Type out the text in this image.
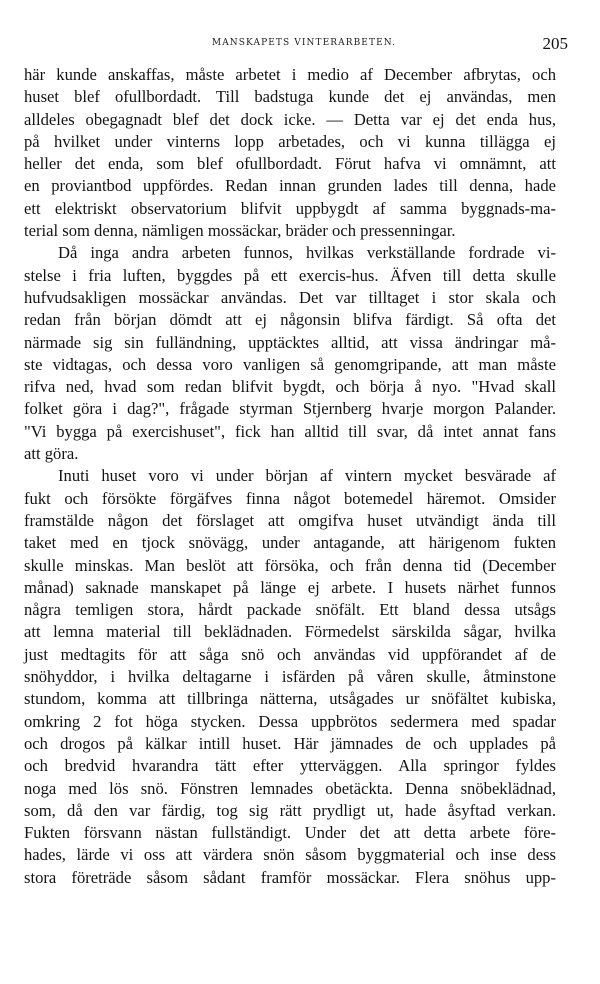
MANSKAPETS VINTERARBETEN.	205
här kunde anskaffas, måste arbetet i medio af December afbrytas, och
huset blef ofullbordadt. Till badstuga kunde det ej användas, men
alldeles obegagnadt blef det dock icke. — Detta var ej det enda hus,
på hvilket under vinterns lopp arbetades, och vi kunna tillägga ej
heller det enda, som blef ofullbordadt. Förut hafva vi omnämnt, att
en proviantbod uppfördes. Redan innan grunden lades till denna, hade
ett elektriskt observatorium blifvit uppbygdt af samma byggnads-ma-
terial som denna, nämligen mossäckar, bräder och pressenningar.
Då inga andra arbeten funnos, hvilkas verkställande fordrade vi-
stelse i fria luften, byggdes på ett exercis-hus. Äfven till detta skulle
hufvudsakligen mossäckar användas. Det var tilltaget i stor skala och
redan från början dömdt att ej någonsin blifva färdigt. Så ofta det
närmade sig sin fulländning, upptäcktes alltid, att vissa ändringar må-
ste vidtagas, och dessa voro vanligen så genomgripande, att man måste
rifva ned, hvad som redan blifvit bygdt, och börja å nyo. "Hvad skall
folket göra i dag?", frågade styrman Stjernberg hvarje morgon Palander.
"Vi bygga på exercishuset", fick han alltid till svar, då intet annat fans
att göra.
Inuti huset voro vi under början af vintern mycket besvärade af
fukt och försökte förgäfves finna något botemedel häremot. Omsider
framstälde någon det förslaget att omgifva huset utvändigt ända till
taket med en tjock snövägg, under antagande, att härigenom fukten
skulle minskas. Man beslöt att försöka, och från denna tid (December
månad) saknade manskapet på länge ej arbete. I husets närhet funnos
några temligen stora, hårdt packade snöfält. Ett bland dessa utsågs
att lemna material till beklädnaden. Förmedelst särskilda sågar, hvilka
just medtagits för att såga snö och användas vid uppförandet af de
snöhyddor, i hvilka deltagarne i isfärden på våren skulle, åtminstone
stundom, komma att tillbringa nätterna, utsågades ur snöfältet kubiska,
omkring 2 fot höga stycken. Dessa uppbrötos sedermera med spadar
och drogos på kälkar intill huset. Här jämnades de och upplades på
och bredvid hvarandra tätt efter ytterväggen. Alla springor fyldes
noga med lös snö. Fönstren lemnades obetäckta. Denna snöbeklädnad,
som, då den var färdig, tog sig rätt prydligt ut, hade åsyftad verkan.
Fukten försvann nästan fullständigt. Under det att detta arbete före-
hades, lärde vi oss att värdera snön såsom byggmaterial och inse dess
stora företräde såsom sådant framför mossäckar. Flera snöhus upp-
